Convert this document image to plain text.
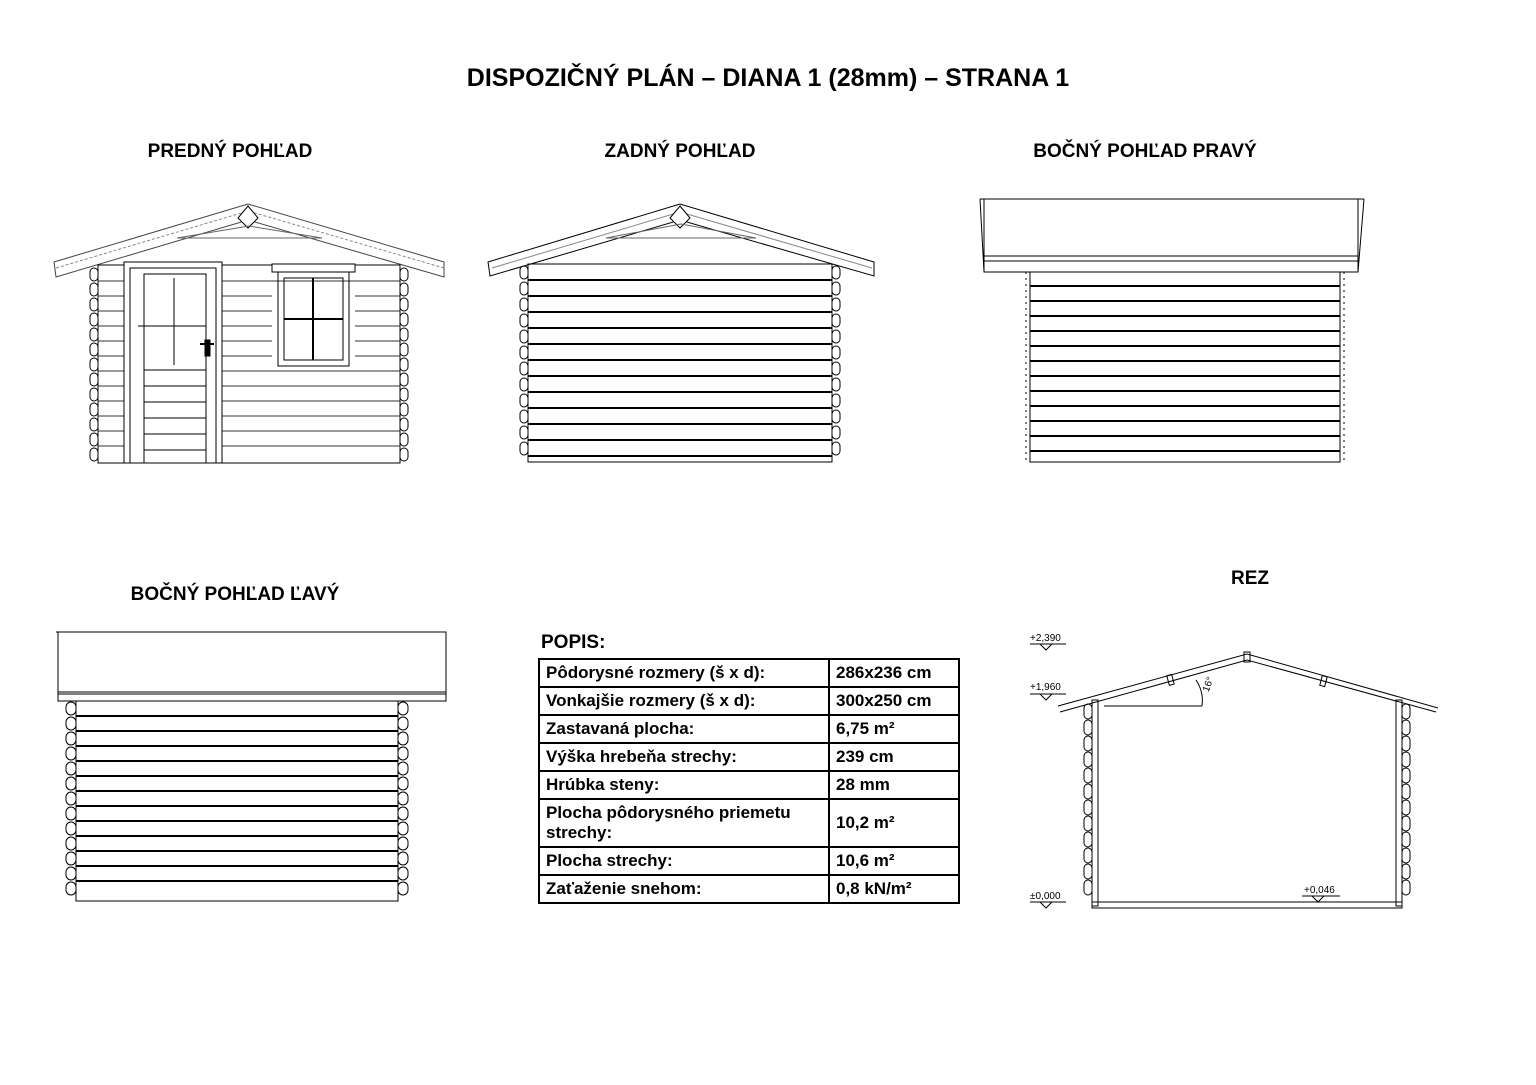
DISPOZIČNÝ PLÁN – DIANA 1 (28mm) – STRANA 1
PREDNÝ POHĽAD	ZADNÝ POHĽAD	BOČNÝ POHĽAD PRAVÝ
BOČNÝ POHĽAD ĽAVÝ
REZ
+2,390
+1,960
±0,000
+0,046
16°
POPIS:
Pôdorysné rozmery (š x d):	286x236 cm
Vonkajšie rozmery (š x d):	300x250 cm
Zastavaná plocha:	6,75 m²
Výška hrebeňa strechy:	239 cm
Hrúbka steny:	28 mm
Plocha pôdorysného priemetu strechy:	10,2 m²
Plocha strechy:	10,6 m²
Zaťaženie snehom:	0,8 kN/m²
